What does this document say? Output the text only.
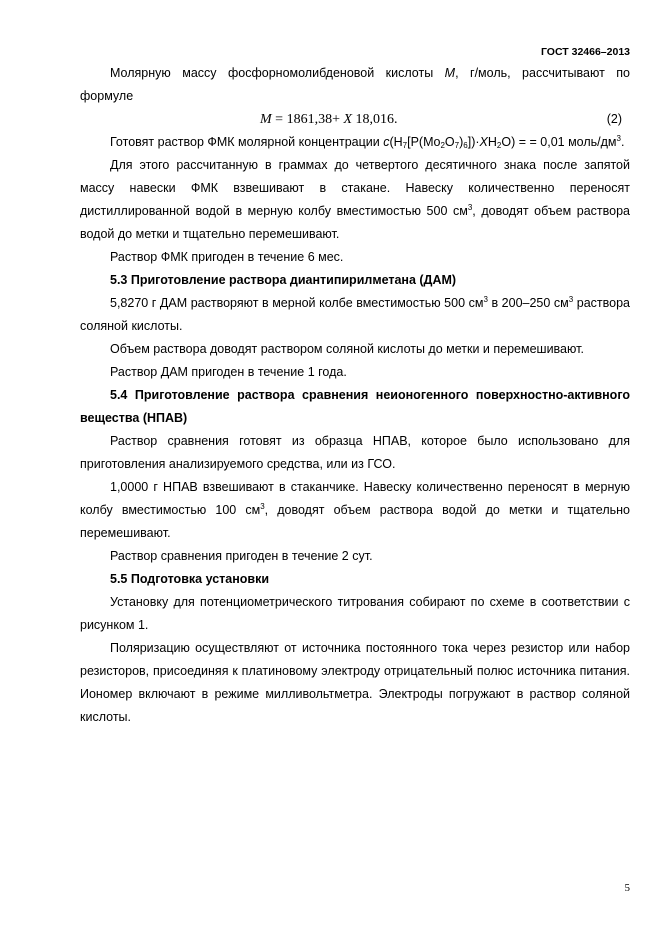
ГОСТ 32466–2013

Молярную массу фосфорномолибденовой кислоты M, г/моль, рассчитывают по формуле

M = 1861,38+ X 18,016.	(2)

Готовят раствор ФМК молярной концентрации $c(H_7[P(Mo_2O_7)_6])\cdot XH_2O$) = = 0,01 моль/$дм^3$.

Для этого рассчитанную в граммах до четвертого десятичного знака после запятой массу навески ФМК взвешивают в стакане. Навеску количественно переносят дистиллированной водой в мерную колбу вместимостью 500 $см^3$, доводят объем раствора водой до метки и тщательно перемешивают.

Раствор ФМК пригоден в течение 6 мес.

5.3 Приготовление раствора диантипирилметана (ДАМ)

5,8270 г ДАМ растворяют в мерной колбе вместимостью 500 $см^3$ в 200–250 $см^3$ раствора соляной кислоты.

Объем раствора доводят раствором соляной кислоты до метки и перемешивают.

Раствор ДАМ пригоден в течение 1 года.

5.4 Приготовление раствора сравнения неионогенного поверхностно-активного вещества (НПАВ)

Раствор сравнения готовят из образца НПАВ, которое было использовано для приготовления анализируемого средства, или из ГСО.

1,0000 г НПАВ взвешивают в стаканчике. Навеску количественно переносят в мерную колбу вместимостью 100 $см^3$, доводят объем раствора водой до метки и тщательно перемешивают.

Раствор сравнения пригоден в течение 2 сут.

5.5 Подготовка установки

Установку для потенциометрического титрования собирают по схеме в соответствии с рисунком 1.

Поляризацию осуществляют от источника постоянного тока через резистор или набор резисторов, присоединяя к платиновому электроду отрицательный полюс источника питания. Иономер включают в режиме милливольтметра. Электроды погружают в раствор соляной кислоты.

5
